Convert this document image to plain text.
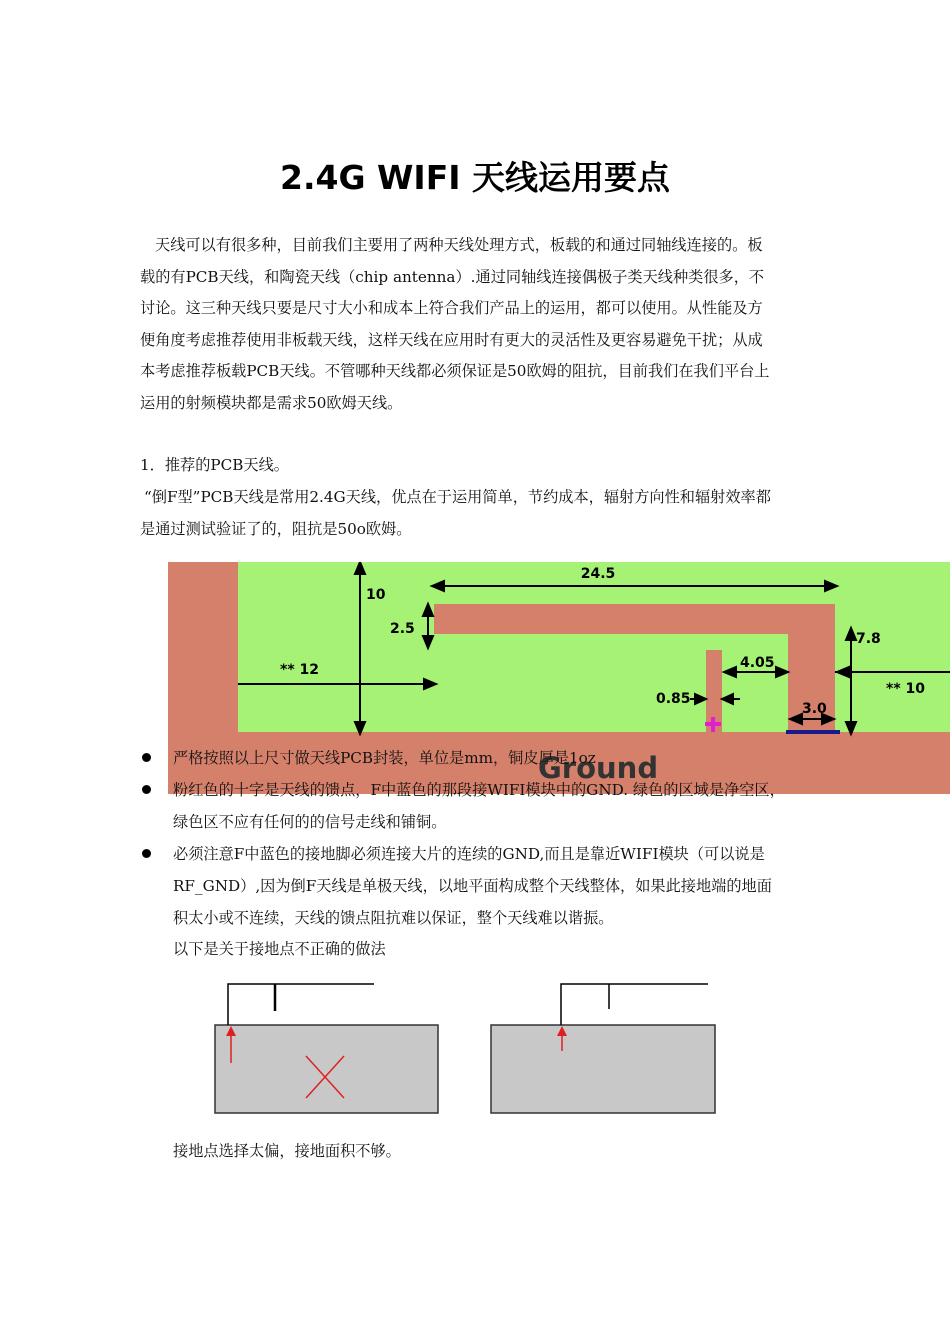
2.4G WIFI 天线运用要点

天线可以有很多种，目前我们主要用了两种天线处理方式，板载的和通过同轴线连接的。板

载的有PCB天线，和陶瓷天线（chip antenna）.通过同轴线连接偶极子类天线种类很多，不

讨论。这三种天线只要是尺寸大小和成本上符合我们产品上的运用，都可以使用。从性能及方

便角度考虑推荐使用非板载天线，这样天线在应用时有更大的灵活性及更容易避免干扰；从成

本考虑推荐板载PCB天线。不管哪种天线都必须保证是50欧姆的阻抗，目前我们在我们平台上

运用的射频模块都是需求50欧姆天线。

1．推荐的PCB天线。
“倒F型”PCB天线是常用2.4G天线，优点在于运用简单，节约成本，辐射方向性和辐射效率都
是通过测试验证了的，阻抗是50o欧姆。
24.5
10
2.5
7.8
4.05
** 12
0.85
3.0
** 10
Ground
严格按照以上尺寸做天线PCB封装，单位是mm，铜皮厚是1oz
粉红色的十字是天线的馈点，F中蓝色的那段接WIFI模块中的GND. 绿色的区域是净空区，
绿色区不应有任何的的信号走线和铺铜。
必须注意F中蓝色的接地脚必须连接大片的连续的GND,而且是靠近WIFI模块（可以说是
RF_GND）,因为倒F天线是单极天线，以地平面构成整个天线整体，如果此接地端的地面
积太小或不连续，天线的馈点阻抗难以保证，整个天线难以谐振。
以下是关于接地点不正确的做法
接地点选择太偏，接地面积不够。
